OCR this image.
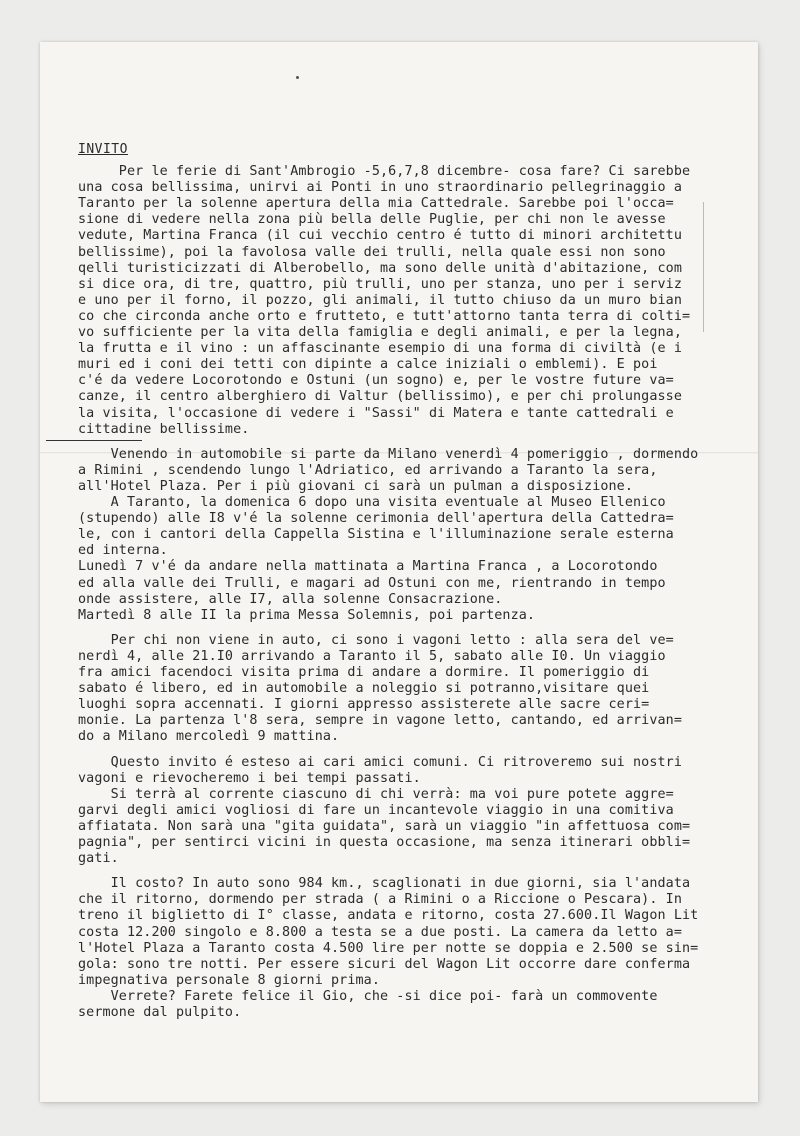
INVITO
Per le ferie di Sant'Ambrogio -5,6,7,8 dicembre- cosa fare? Ci sarebbe
una cosa bellissima, unirvi ai Ponti in uno straordinario pellegrinaggio a
Taranto per la solenne apertura della mia Cattedrale. Sarebbe poi l'occa=
sione di vedere nella zona più bella delle Puglie, per chi non le avesse
vedute, Martina Franca (il cui vecchio centro é tutto di minori architettu
bellissime), poi la favolosa valle dei trulli, nella quale essi non sono
qelli turisticizzati di Alberobello, ma sono delle unità d'abitazione, com
si dice ora, di tre, quattro, più trulli, uno per stanza, uno per i serviz
e uno per il forno, il pozzo, gli animali, il tutto chiuso da un muro bian
co che circonda anche orto e frutteto, e tutt'attorno tanta terra di colti=
vo sufficiente per la vita della famiglia e degli animali, e per la legna,
la frutta e il vino : un affascinante esempio di una forma di civiltà (e i
muri ed i coni dei tetti con dipinte a calce iniziali o emblemi). E poi
c'é da vedere Locorotondo e Ostuni (un sogno) e, per le vostre future va=
canze, il centro alberghiero di Valtur (bellissimo), e per chi prolungasse
la visita, l'occasione di vedere i "Sassi" di Matera e tante cattedrali e
cittadine bellissime.
Venendo in automobile si parte da Milano venerdì 4 pomeriggio , dormendo
a Rimini , scendendo lungo l'Adriatico, ed arrivando a Taranto la sera,
all'Hotel Plaza. Per i più giovani ci sarà un pulman a disposizione.
A Taranto, la domenica 6 dopo una visita eventuale al Museo Ellenico
(stupendo) alle I8 v'é la solenne cerimonia dell'apertura della Cattedra=
le, con i cantori della Cappella Sistina e l'illuminazione serale esterna
ed interna.
Lunedì 7 v'é da andare nella mattinata a Martina Franca , a Locorotondo
ed alla valle dei Trulli, e magari ad Ostuni con me, rientrando in tempo
onde assistere, alle I7, alla solenne Consacrazione.
Martedì 8 alle II la prima Messa Solemnis, poi partenza.
Per chi non viene in auto, ci sono i vagoni letto : alla sera del ve=
nerdì 4, alle 21.I0 arrivando a Taranto il 5, sabato alle I0. Un viaggio
fra amici facendoci visita prima di andare a dormire. Il pomeriggio di
sabato é libero, ed in automobile a noleggio si potranno,visitare quei
luoghi sopra accennati. I giorni appresso assisterete alle sacre ceri=
monie. La partenza l'8 sera, sempre in vagone letto, cantando, ed arrivan=
do a Milano mercoledì 9 mattina.
Questo invito é esteso ai cari amici comuni. Ci ritroveremo sui nostri
vagoni e rievocheremo i bei tempi passati.
Si terrà al corrente ciascuno di chi verrà: ma voi pure potete aggre=
garvi degli amici vogliosi di fare un incantevole viaggio in una comitiva
affiatata. Non sarà una "gita guidata", sarà un viaggio "in affettuosa com=
pagnia", per sentirci vicini in questa occasione, ma senza itinerari obbli=
gati.
Il costo? In auto sono 984 km., scaglionati in due giorni, sia l'andata
che il ritorno, dormendo per strada ( a Rimini o a Riccione o Pescara). In
treno il biglietto di I° classe, andata e ritorno, costa 27.600.Il Wagon Lit
costa 12.200 singolo e 8.800 a testa se a due posti. La camera da letto a=
l'Hotel Plaza a Taranto costa 4.500 lire per notte se doppia e 2.500 se sin=
gola: sono tre notti. Per essere sicuri del Wagon Lit occorre dare conferma
impegnativa personale 8 giorni prima.
Verrete? Farete felice il Gio, che -si dice poi- farà un commovente
sermone dal pulpito.
